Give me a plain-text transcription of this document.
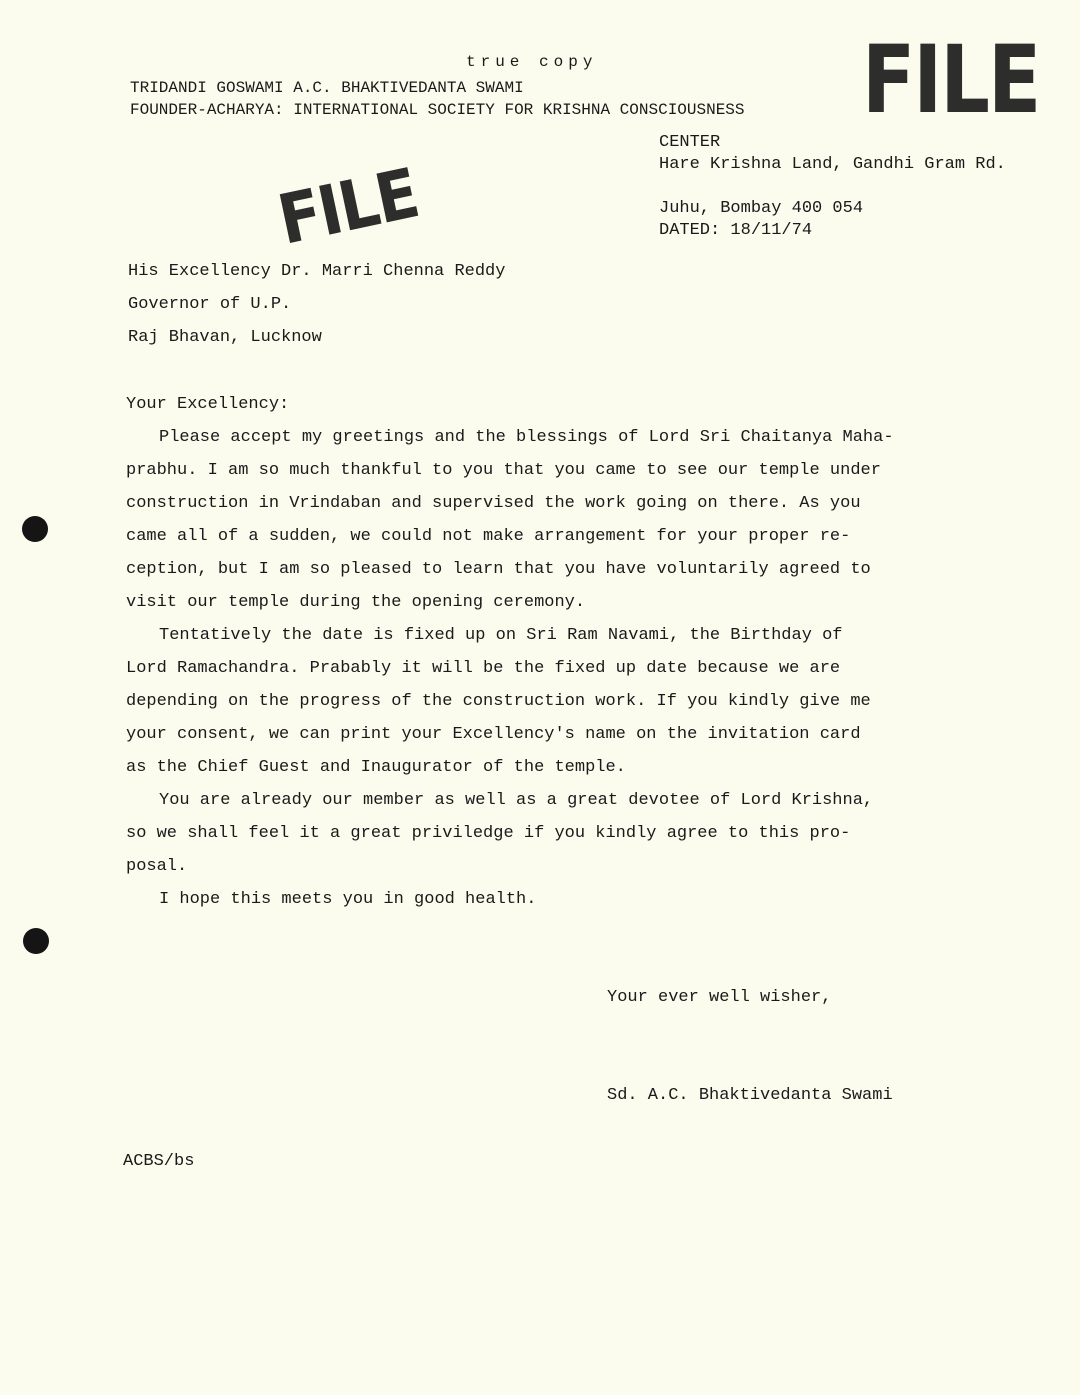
true copy
TRIDANDI GOSWAMI A.C. BHAKTIVEDANTA SWAMI
FOUNDER-ACHARYA: INTERNATIONAL SOCIETY FOR KRISHNA CONSCIOUSNESS FILE
FILE
CENTER
Hare Krishna Land, Gandhi Gram Rd.
Juhu, Bombay 400 054
DATED: 18/11/74
His Excellency Dr. Marri Chenna Reddy
Governor of U.P.
Raj Bhavan, Lucknow
Your Excellency:
Please accept my greetings and the blessings of Lord Sri Chaitanya Maha-
prabhu. I am so much thankful to you that you came to see our temple under
construction in Vrindaban and supervised the work going on there. As you
came all of a sudden, we could not make arrangement for your proper re-
ception, but I am so pleased to learn that you have voluntarily agreed to
visit our temple during the opening ceremony.
Tentatively the date is fixed up on Sri Ram Navami, the Birthday of
Lord Ramachandra. Prabably it will be the fixed up date because we are
depending on the progress of the construction work. If you kindly give me
your consent, we can print your Excellency's name on the invitation card
as the Chief Guest and Inaugurator of the temple.
You are already our member as well as a great devotee of Lord Krishna,
so we shall feel it a great priviledge if you kindly agree to this pro-
posal.
I hope this meets you in good health.
Your ever well wisher,
Sd. A.C. Bhaktivedanta Swami
ACBS/bs
